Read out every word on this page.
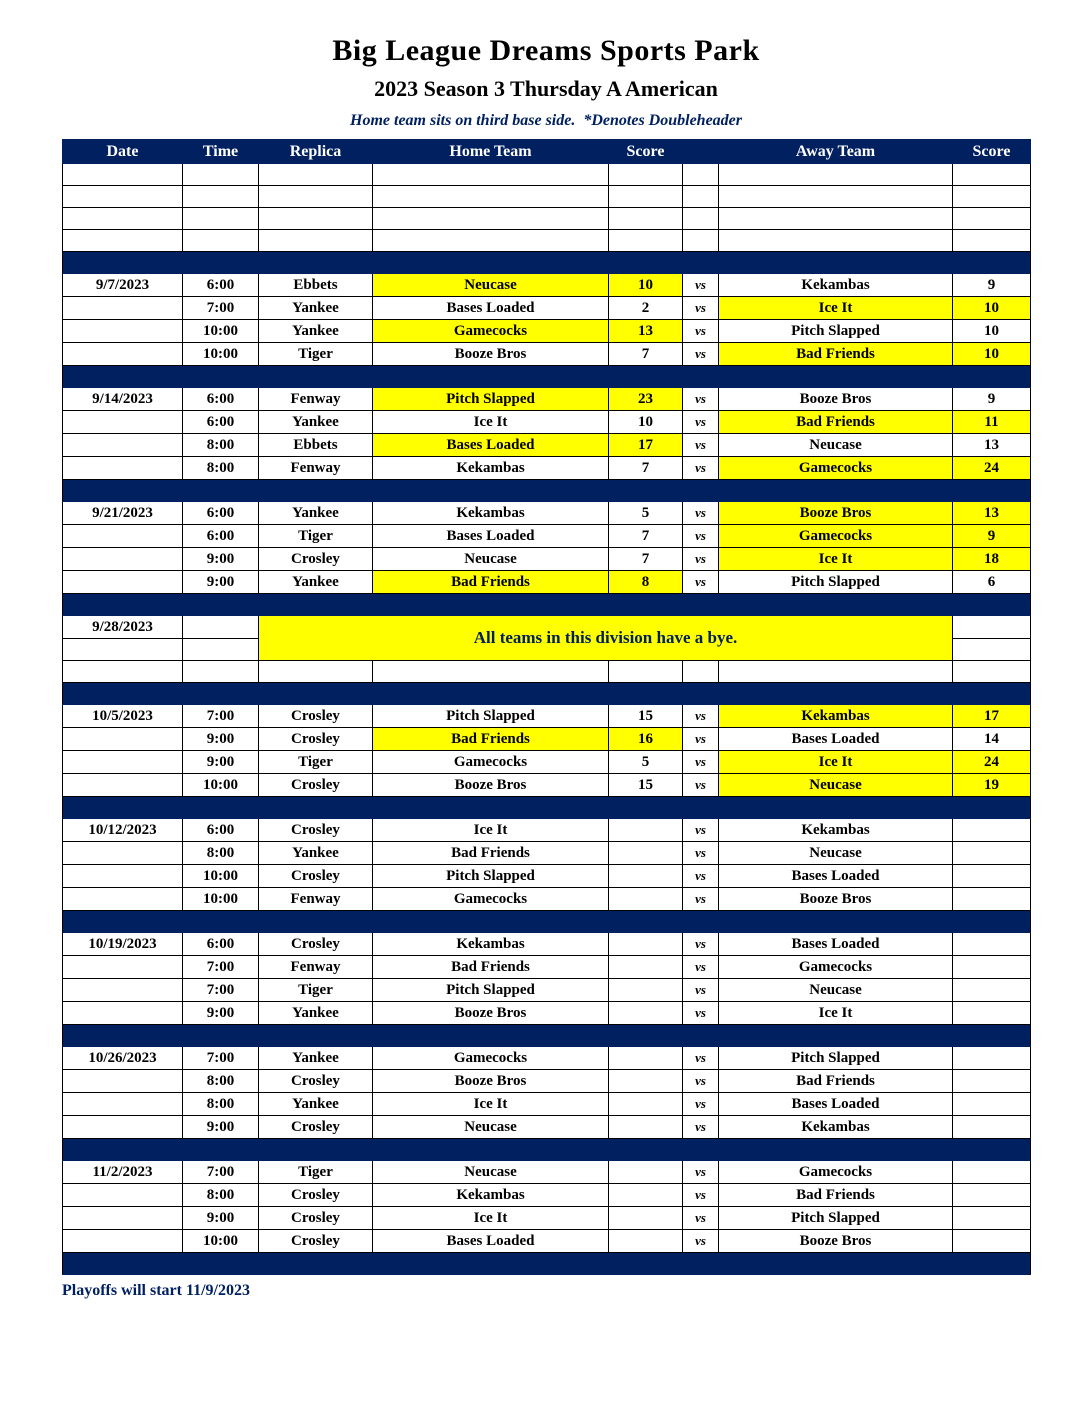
Big League Dreams Sports Park
2023 Season 3 Thursday A American
Home team sits on third base side.  *Denotes Doubleheader
Date	Time	Replica	Home Team	Score		Away Team	Score

9/7/2023	6:00	Ebbets	Neucase	10	vs	Kekambas	9
	7:00	Yankee	Bases Loaded	2	vs	Ice It	10
	10:00	Yankee	Gamecocks	13	vs	Pitch Slapped	10
	10:00	Tiger	Booze Bros	7	vs	Bad Friends	10

9/14/2023	6:00	Fenway	Pitch Slapped	23	vs	Booze Bros	9
	6:00	Yankee	Ice It	10	vs	Bad Friends	11
	8:00	Ebbets	Bases Loaded	17	vs	Neucase	13
	8:00	Fenway	Kekambas	7	vs	Gamecocks	24

9/21/2023	6:00	Yankee	Kekambas	5	vs	Booze Bros	13
	6:00	Tiger	Bases Loaded	7	vs	Gamecocks	9
	9:00	Crosley	Neucase	7	vs	Ice It	18
	9:00	Yankee	Bad Friends	8	vs	Pitch Slapped	6

9/28/2023		All teams in this division have a bye.					

10/5/2023	7:00	Crosley	Pitch Slapped	15	vs	Kekambas	17
	9:00	Crosley	Bad Friends	16	vs	Bases Loaded	14
	9:00	Tiger	Gamecocks	5	vs	Ice It	24
	10:00	Crosley	Booze Bros	15	vs	Neucase	19

10/12/2023	6:00	Crosley	Ice It		vs	Kekambas	
	8:00	Yankee	Bad Friends		vs	Neucase	
	10:00	Crosley	Pitch Slapped		vs	Bases Loaded	
	10:00	Fenway	Gamecocks		vs	Booze Bros	

10/19/2023	6:00	Crosley	Kekambas		vs	Bases Loaded	
	7:00	Fenway	Bad Friends		vs	Gamecocks	
	7:00	Tiger	Pitch Slapped		vs	Neucase	
	9:00	Yankee	Booze Bros		vs	Ice It	

10/26/2023	7:00	Yankee	Gamecocks		vs	Pitch Slapped	
	8:00	Crosley	Booze Bros		vs	Bad Friends	
	8:00	Yankee	Ice It		vs	Bases Loaded	
	9:00	Crosley	Neucase		vs	Kekambas	

11/2/2023	7:00	Tiger	Neucase		vs	Gamecocks	
	8:00	Crosley	Kekambas		vs	Bad Friends	
	9:00	Crosley	Ice It		vs	Pitch Slapped	
	10:00	Crosley	Bases Loaded		vs	Booze Bros	

Playoffs will start 11/9/2023
